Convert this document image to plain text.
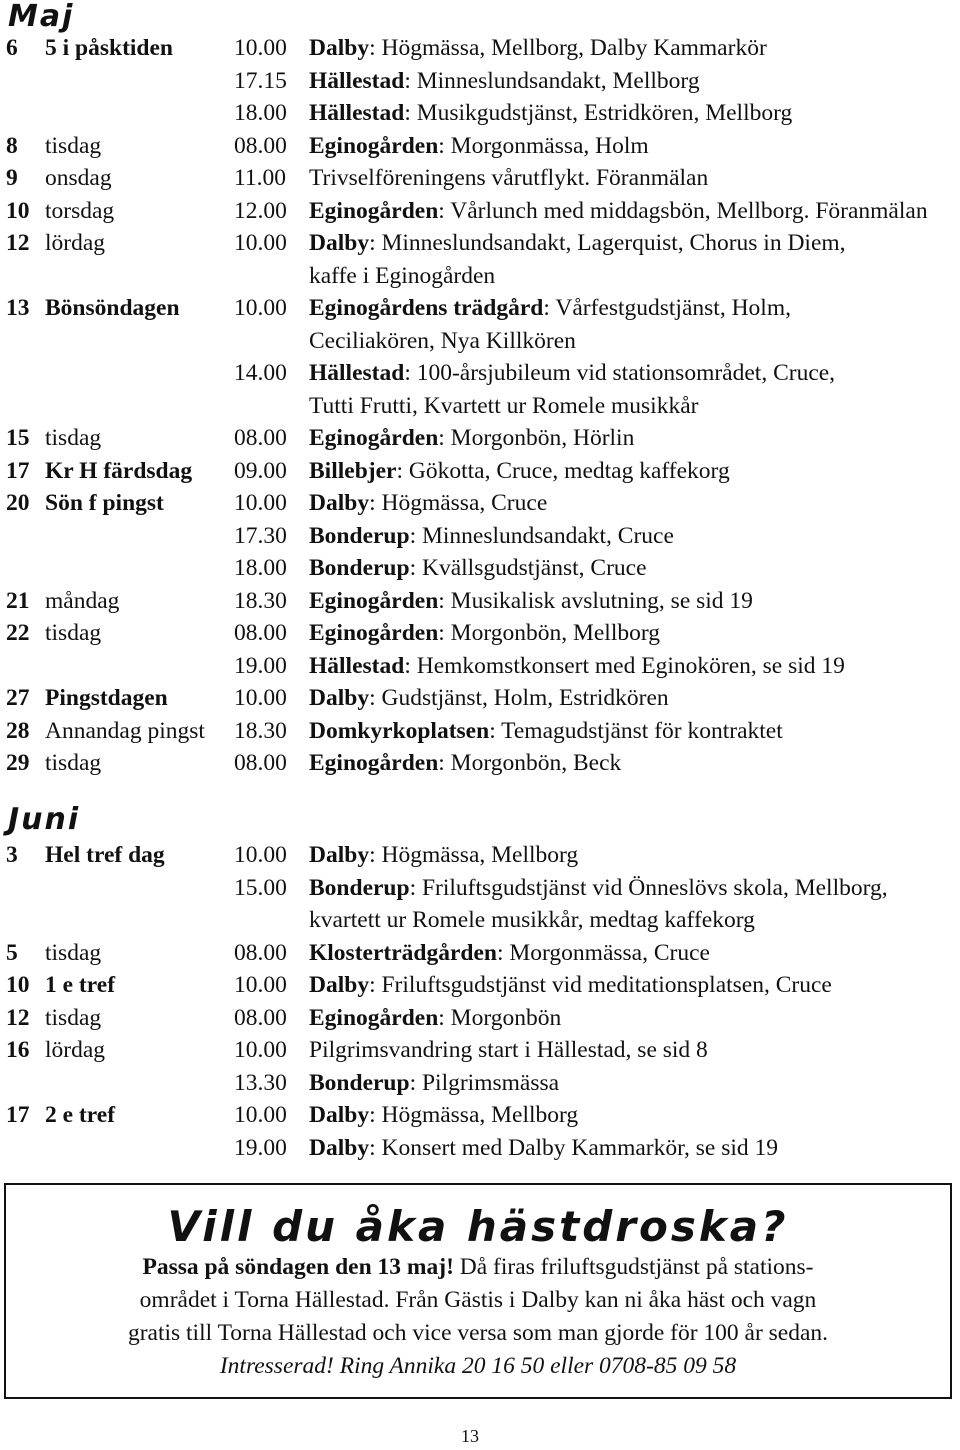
Maj
6 5 i påsktiden	10.00 Dalby: Högmässa, Mellborg, Dalby Kammarkör
17.15 Hällestad: Minneslundsandakt, Mellborg
18.00 Hällestad: Musikgudstjänst, Estridkören, Mellborg
8 tisdag	08.00 Eginogården: Morgonmässa, Holm
9 onsdag	11.00 Trivselföreningens vårutflykt. Föranmälan
10 torsdag	12.00 Eginogården: Vårlunch med middagsbön, Mellborg. Föranmälan
12 lördag	10.00 Dalby: Minneslundsandakt, Lagerquist, Chorus in Diem,
kaffe i Eginogården
13 Bönsöndagen 10.00 Eginogårdens trädgård: Vårfestgudstjänst, Holm,
Ceciliakören, Nya Killkören
14.00 Hällestad: 100-årsjubileum vid stationsområdet, Cruce,
Tutti Frutti, Kvartett ur Romele musikkår
15 tisdag	08.00 Eginogården: Morgonbön, Hörlin
17 Kr H färdsdag 09.00 Billebjer: Gökotta, Cruce, medtag kaffekorg
20 Sön f pingst	10.00 Dalby: Högmässa, Cruce
17.30 Bonderup: Minneslundsandakt, Cruce
18.00 Bonderup: Kvällsgudstjänst, Cruce
21 måndag	18.30 Eginogården: Musikalisk avslutning, se sid 19
22 tisdag	08.00 Eginogården: Morgonbön, Mellborg
19.00 Hällestad: Hemkomstkonsert med Eginokören, se sid 19
27 Pingstdagen	10.00 Dalby: Gudstjänst, Holm, Estridkören
28 Annandag pingst 18.30 Domkyrkoplatsen: Temagudstjänst för kontraktet
29 tisdag	08.00 Eginogården: Morgonbön, Beck
Juni
3 Hel tref dag	10.00 Dalby: Högmässa, Mellborg
15.00 Bonderup: Friluftsgudstjänst vid Önneslövs skola, Mellborg,
kvartett ur Romele musikkår, medtag kaffekorg
5 tisdag	08.00 Klosterträdgården: Morgonmässa, Cruce
10 1 e tref	10.00 Dalby: Friluftsgudstjänst vid meditationsplatsen, Cruce
12 tisdag	08.00 Eginogården: Morgonbön
16 lördag	10.00 Pilgrimsvandring start i Hällestad, se sid 8
13.30 Bonderup: Pilgrimsmässa
17 2 e tref	10.00 Dalby: Högmässa, Mellborg
19.00 Dalby: Konsert med Dalby Kammarkör, se sid 19
Vill du åka hästdroska?
Passa på söndagen den 13 maj! Då firas friluftsgudstjänst på stations-
området i Torna Hällestad. Från Gästis i Dalby kan ni åka häst och vagn
gratis till Torna Hällestad och vice versa som man gjorde för 100 år sedan.
Intresserad! Ring Annika 20 16 50 eller 0708-85 09 58
13
